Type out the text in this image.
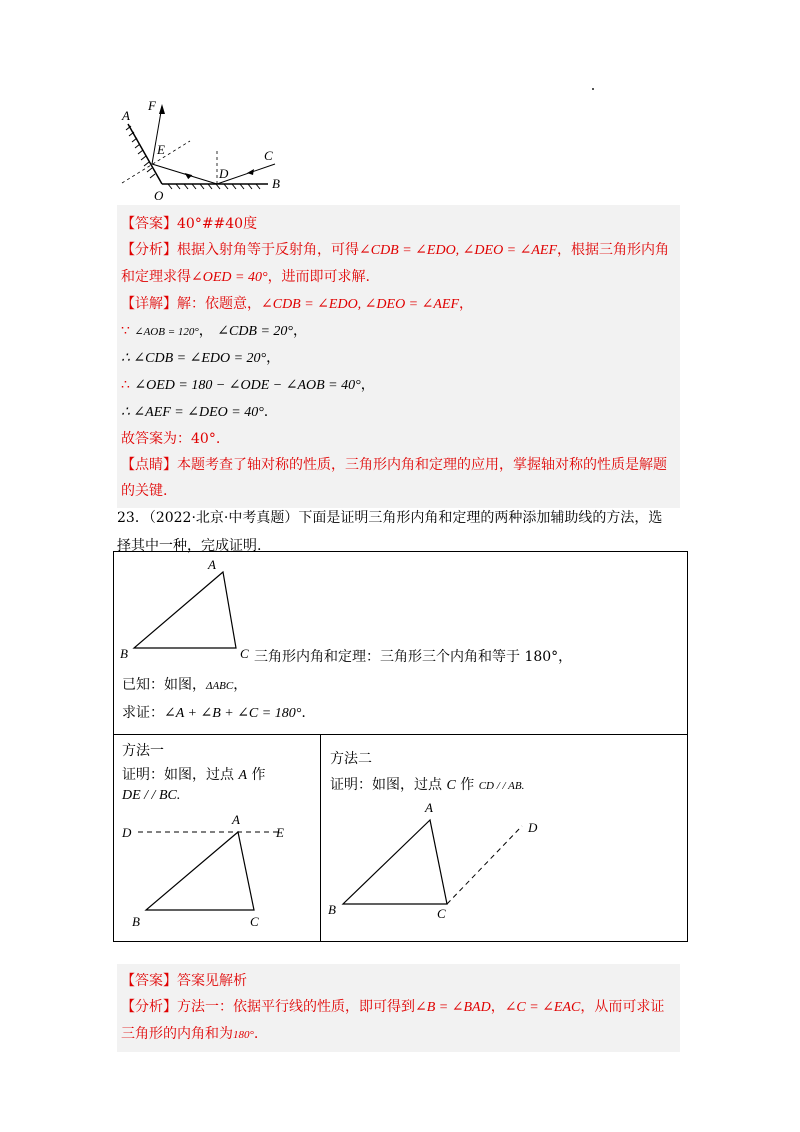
A
F
E
D
C
B
O
【答案】40°##40度
【分析】根据入射角等于反射角，可得∠CDB = ∠EDO, ∠DEO = ∠AEF，根据三角形内角
和定理求得∠OED = 40°，进而即可求解.
【详解】解：依题意，∠CDB = ∠EDO, ∠DEO = ∠AEF，
∵ ∠AOB = 120°， ∠CDB = 20°，
∴ ∠CDB = ∠EDO = 20°，
∴ ∠OED = 180 − ∠ODE − ∠AOB = 40°，
∴ ∠AEF = ∠DEO = 40°.
故答案为：40°.
【点睛】本题考查了轴对称的性质，三角形内角和定理的应用，掌握轴对称的性质是解题
的关键.
23．（2022·北京·中考真题）下面是证明三角形内角和定理的两种添加辅助线的方法，选
择其中一种，完成证明.
A
B	C 三角形内角和定理：三角形三个内角和等于 180°，
已知：如图，ΔABC，
求证：∠A + ∠B + ∠C = 180°.
方法一
证明：如图，过点 A 作
DE / / BC.
D
A
E
B	C
方法二
证明：如图，过点 C 作 CD / / AB.
A
D
B	C
【答案】答案见解析
【分析】方法一：依据平行线的性质，即可得到∠B = ∠BAD，∠C = ∠EAC，从而可求证
三角形的内角和为180°.
